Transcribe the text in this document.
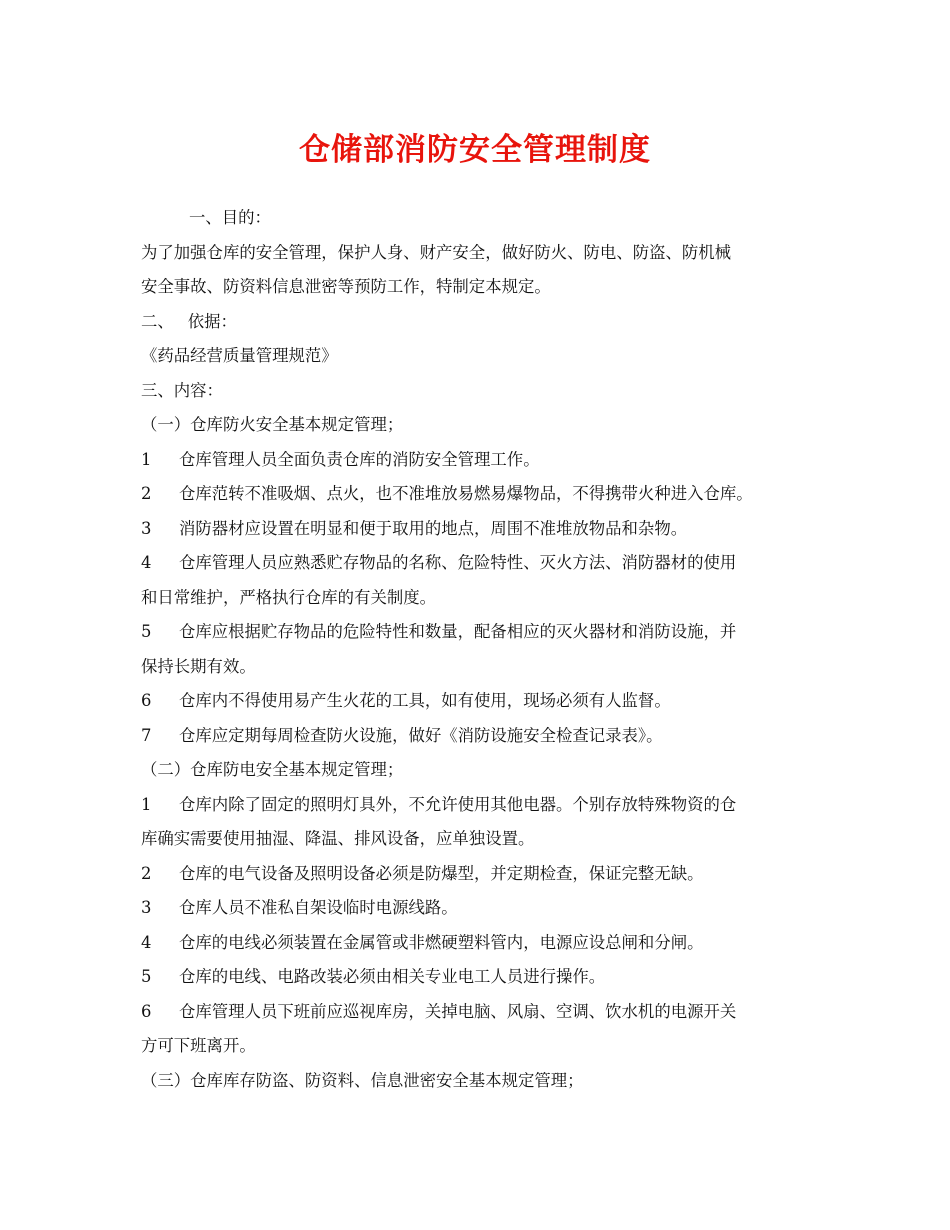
仓储部消防安全管理制度
一、目的：
为了加强仓库的安全管理，保护人身、财产安全，做好防火、防电、防盗、防机械
安全事故、防资料信息泄密等预防工作，特制定本规定。
二、 依据：
《药品经营质量管理规范》
三、内容：
（一）仓库防火安全基本规定管理；
1 仓库管理人员全面负责仓库的消防安全管理工作。
2 仓库范转不准吸烟、点火，也不准堆放易燃易爆物品，不得携带火种进入仓库。
3 消防器材应设置在明显和便于取用的地点，周围不准堆放物品和杂物。
4 仓库管理人员应熟悉贮存物品的名称、危险特性、灭火方法、消防器材的使用
和日常维护，严格执行仓库的有关制度。
5 仓库应根据贮存物品的危险特性和数量，配备相应的灭火器材和消防设施，并
保持长期有效。
6 仓库内不得使用易产生火花的工具，如有使用，现场必须有人监督。
7 仓库应定期每周检查防火设施，做好《消防设施安全检查记录表》。
（二）仓库防电安全基本规定管理；
1 仓库内除了固定的照明灯具外，不允许使用其他电器。个别存放特殊物资的仓
库确实需要使用抽湿、降温、排风设备，应单独设置。
2 仓库的电气设备及照明设备必须是防爆型，并定期检查，保证完整无缺。
3 仓库人员不准私自架设临时电源线路。
4 仓库的电线必须装置在金属管或非燃硬塑料管内，电源应设总闸和分闸。
5 仓库的电线、电路改装必须由相关专业电工人员进行操作。
6 仓库管理人员下班前应巡视库房，关掉电脑、风扇、空调、饮水机的电源开关
方可下班离开。
（三）仓库库存防盗、防资料、信息泄密安全基本规定管理；
